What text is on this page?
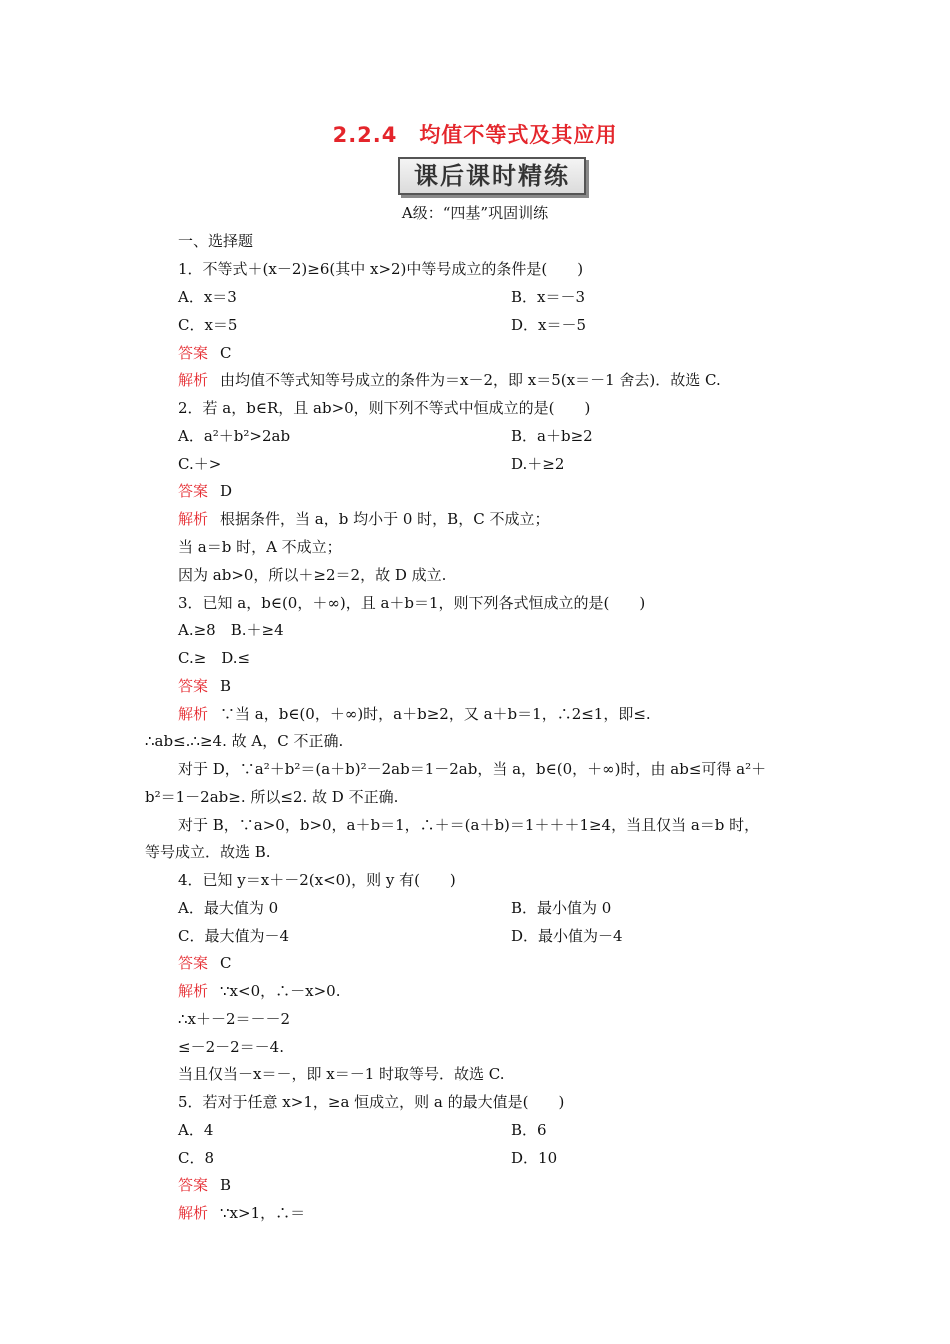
2.2.4　均值不等式及其应用
课后课时精练
A级：“四基”巩固训练
一、选择题
1．不等式＋(x－2)≥6(其中 x>2)中等号成立的条件是(　　)
A．x＝3	B．x＝－3
C．x＝5	D．x＝－5
答案 C
解析 由均值不等式知等号成立的条件为＝x－2，即 x＝5(x＝－1 舍去)．故选 C.
2．若 a，b∈R，且 ab>0，则下列不等式中恒成立的是(　　)
A．a²＋b²>2ab	B．a＋b≥2
C.＋>	D.＋≥2
答案 D
解析 根据条件，当 a，b 均小于 0 时，B，C 不成立；
当 a＝b 时，A 不成立；
因为 ab>0，所以＋≥2＝2，故 D 成立.
3．已知 a，b∈(0，＋∞)，且 a＋b＝1，则下列各式恒成立的是(　　)
A.≥8　B.＋≥4
C.≥　D.≤
答案 B
解析 ∵当 a，b∈(0，＋∞)时，a＋b≥2，又 a＋b＝1，∴2≤1，即≤.
∴ab≤.∴≥4. 故 A，C 不正确.
对于 D，∵a²＋b²＝(a＋b)²－2ab＝1－2ab，当 a，b∈(0，＋∞)时，由 ab≤可得 a²＋
b²＝1－2ab≥. 所以≤2. 故 D 不正确.
对于 B，∵a>0，b>0，a＋b＝1，∴＋＝(a＋b)＝1＋＋＋1≥4，当且仅当 a＝b 时，
等号成立．故选 B.
4．已知 y＝x＋－2(x<0)，则 y 有(　　)
A．最大值为 0	B．最小值为 0
C．最大值为－4	D．最小值为－4
答案 C
解析 ∵x<0，∴－x>0.
∴x＋－2＝－－2
≤－2－2＝－4.
当且仅当－x＝－，即 x＝－1 时取等号．故选 C.
5．若对于任意 x>1，≥a 恒成立，则 a 的最大值是(　　)
A．4	B．6
C．8	D．10
答案 B
解析 ∵x>1，∴＝
